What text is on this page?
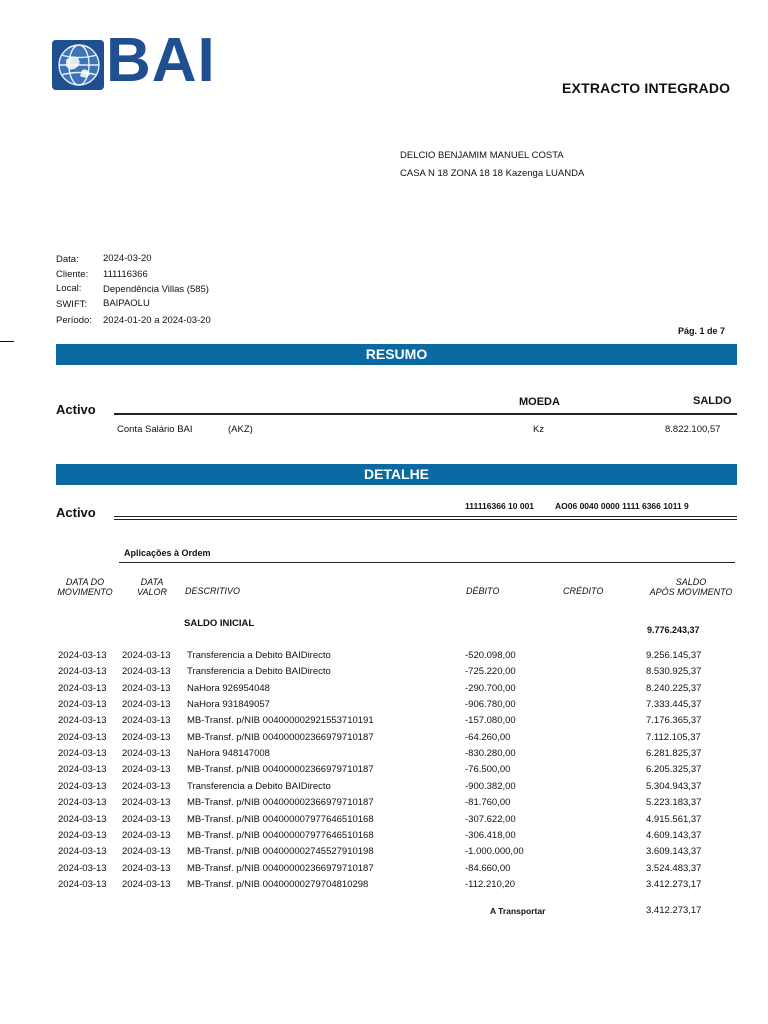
BAI	EXTRACTO INTEGRADO
DELCIO BENJAMIM MANUEL COSTA
CASA N 18 ZONA 18 18 Kazenga LUANDA
Data:	2024-03-20
Cliente: 111116366
Local: Dependência Villas (585)
SWIFT: BAIPAOLU
Período: 2024-01-20 a 2024-03-20
Pág. 1 de 7
RESUMO
Activo	MOEDA	SALDO
Conta Salário BAI	(AKZ)	Kz	8.822.100,57
DETALHE
Activo	111116366 10 001 AO06 0040 0000 1111 6366 1011 9
Aplicações à Ordem
DATA DO
MOVIMENTO
DATA
VALOR	DESCRITIVO	DÉBITO	CRÉDITO
SALDO
APÓS MOVIMENTO
SALDO INICIAL
9.776.243,37
2024-03-13 2024-03-13 Transferencia a Debito BAIDirecto	-520.098,00	9.256.145,37
2024-03-13 2024-03-13 Transferencia a Debito BAIDirecto	-725.220,00	8.530.925,37
2024-03-13 2024-03-13 NaHora 926954048	-290.700,00	8.240.225,37
2024-03-13 2024-03-13 NaHora 931849057	-906.780,00	7.333.445,37
2024-03-13 2024-03-13 MB-Transf. p/NIB 004000002921553710191	-157.080,00	7.176.365,37
2024-03-13 2024-03-13 MB-Transf. p/NIB 004000002366979710187	-64.260,00	7.112.105,37
2024-03-13 2024-03-13 NaHora 948147008	-830.280,00	6.281.825,37
2024-03-13 2024-03-13 MB-Transf. p/NIB 004000002366979710187	-76.500,00	6.205.325,37
2024-03-13 2024-03-13 Transferencia a Debito BAIDirecto	-900.382,00	5.304.943,37
2024-03-13 2024-03-13 MB-Transf. p/NIB 004000002366979710187	-81.760,00	5.223.183,37
2024-03-13 2024-03-13 MB-Transf. p/NIB 004000007977646510168	-307.622,00	4.915.561,37
2024-03-13 2024-03-13 MB-Transf. p/NIB 004000007977646510168	-306.418,00	4.609.143,37
2024-03-13 2024-03-13 MB-Transf. p/NIB 004000002745527910198	-1.000.000,00	3.609.143,37
2024-03-13 2024-03-13 MB-Transf. p/NIB 004000002366979710187	-84.660,00	3.524.483,37
2024-03-13 2024-03-13 MB-Transf. p/NIB 004000002797048​10298	-112.210,20	3.412.273,17
A Transportar	3.412.273,17
